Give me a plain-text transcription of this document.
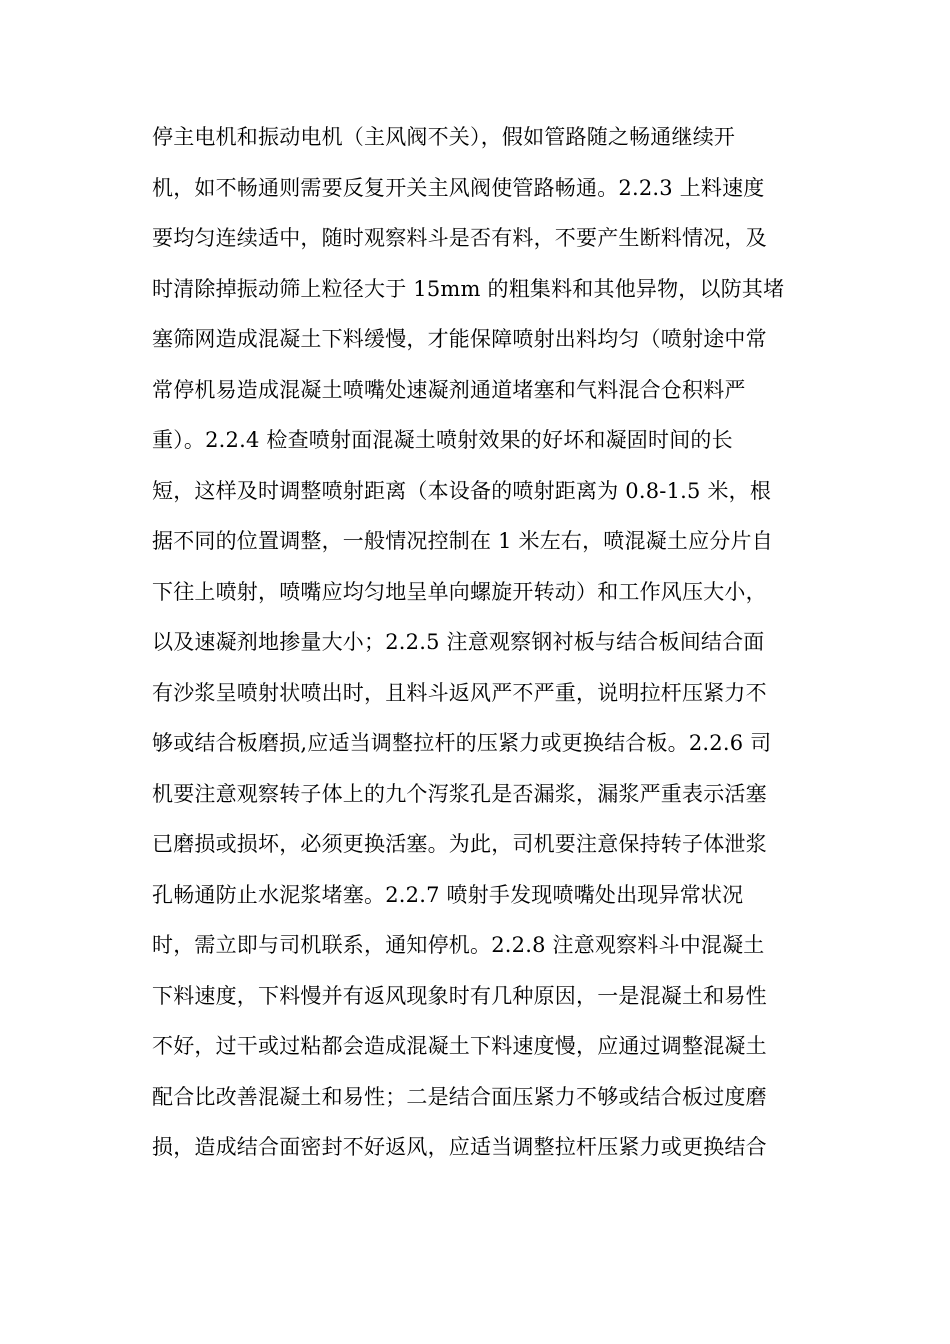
停主电机和振动电机（主风阀不关），假如管路随之畅通继续开
机，如不畅通则需要反复开关主风阀使管路畅通。2.2.3 上料速度
要均匀连续适中，随时观察料斗是否有料，不要产生断料情况，及
时清除掉振动筛上粒径大于 15mm 的粗集料和其他异物，以防其堵
塞筛网造成混凝土下料缓慢，才能保障喷射出料均匀（喷射途中常
常停机易造成混凝土喷嘴处速凝剂通道堵塞和气料混合仓积料严
重）。2.2.4 检查喷射面混凝土喷射效果的好坏和凝固时间的长
短，这样及时调整喷射距离（本设备的喷射距离为 0.8-1.5 米，根
据不同的位置调整，一般情况控制在 1 米左右，喷混凝土应分片自
下往上喷射，喷嘴应均匀地呈单向螺旋开转动）和工作风压大小，
以及速凝剂地掺量大小；2.2.5 注意观察钢衬板与结合板间结合面
有沙浆呈喷射状喷出时，且料斗返风严不严重，说明拉杆压紧力不
够或结合板磨损,应适当调整拉杆的压紧力或更换结合板。2.2.6 司
机要注意观察转子体上的九个泻浆孔是否漏浆，漏浆严重表示活塞
已磨损或损坏，必须更换活塞。为此，司机要注意保持转子体泄浆
孔畅通防止水泥浆堵塞。2.2.7 喷射手发现喷嘴处出现异常状况
时，需立即与司机联系，通知停机。2.2.8 注意观察料斗中混凝土
下料速度，下料慢并有返风现象时有几种原因，一是混凝土和易性
不好，过干或过粘都会造成混凝土下料速度慢，应通过调整混凝土
配合比改善混凝土和易性；二是结合面压紧力不够或结合板过度磨
损，造成结合面密封不好返风，应适当调整拉杆压紧力或更换结合
